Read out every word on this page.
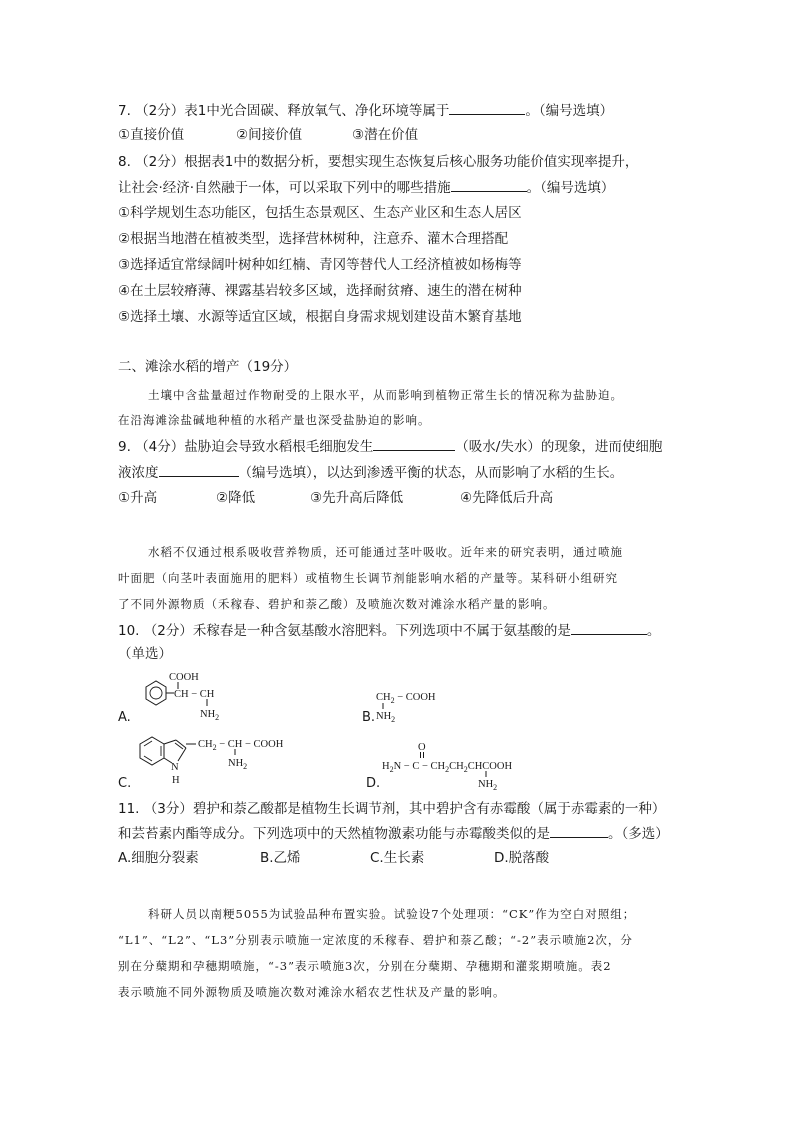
7. （2分）表1中光合固碳、释放氧气、净化环境等属于	。（编号选填）
①直接价值	②间接价值	③潜在价值
8. （2分）根据表1中的数据分析，要想实现生态恢复后核心服务功能价值实现率提升，
让社会·经济·自然融于一体，可以采取下列中的哪些措施	。（编号选填）
①科学规划生态功能区，包括生态景观区、生态产业区和生态人居区
②根据当地潜在植被类型，选择营林树种，注意乔、灌木合理搭配
③选择适宜常绿阔叶树种如红楠、青冈等替代人工经济植被如杨梅等
④在土层较瘠薄、裸露基岩较多区域，选择耐贫瘠、速生的潜在树种
⑤选择土壤、水源等适宜区域，根据自身需求规划建设苗木繁育基地
二、滩涂水稻的增产（19分）
土壤中含盐量超过作物耐受的上限水平，从而影响到植物正常生长的情况称为盐胁迫。
在沿海滩涂盐碱地种植的水稻产量也深受盐胁迫的影响。
9. （4分）盐胁迫会导致水稻根毛细胞发生	（吸水/失水）的现象，进而使细胞
液浓度	（编号选填），以达到渗透平衡的状态，从而影响了水稻的生长。
①升高	②降低	③先升高后降低	④先降低后升高
水稻不仅通过根系吸收营养物质，还可能通过茎叶吸收。近年来的研究表明，通过喷施
叶面肥（向茎叶表面施用的肥料）或植物生长调节剂能影响水稻的产量等。某科研小组研究
了不同外源物质（禾稼春、碧护和萘乙酸）及喷施次数对滩涂水稻产量的影响。
10. （2分）禾稼春是一种含氨基酸水溶肥料。下列选项中不属于氨基酸的是	。
（单选）
A.
COOH
CH − CH
$NH_2$	B.
$CH_2$ − COOH
$NH_2$
C.
N
H
$CH_2$ − CH − COOH
$NH_2$
D.
O
$H_2N - C$ − $CH_2CH_2CHCOOH$
$NH_2$
11. （3分）碧护和萘乙酸都是植物生长调节剂，其中碧护含有赤霉酸（属于赤霉素的一种）
和芸苔素内酯等成分。下列选项中的天然植物激素功能与赤霉酸类似的是	。（多选）
A.细胞分裂素	B.乙烯	C.生长素	D.脱落酸
科研人员以南粳5055为试验品种布置实验。试验设7个处理项：“CK”作为空白对照组；
“L1”、“L2”、“L3”分别表示喷施一定浓度的禾稼春、碧护和萘乙酸；“-2”表示喷施2次，分
别在分蘖期和孕穗期喷施，“-3”表示喷施3次，分别在分蘖期、孕穗期和灌浆期喷施。表2
表示喷施不同外源物质及喷施次数对滩涂水稻农艺性状及产量的影响。
